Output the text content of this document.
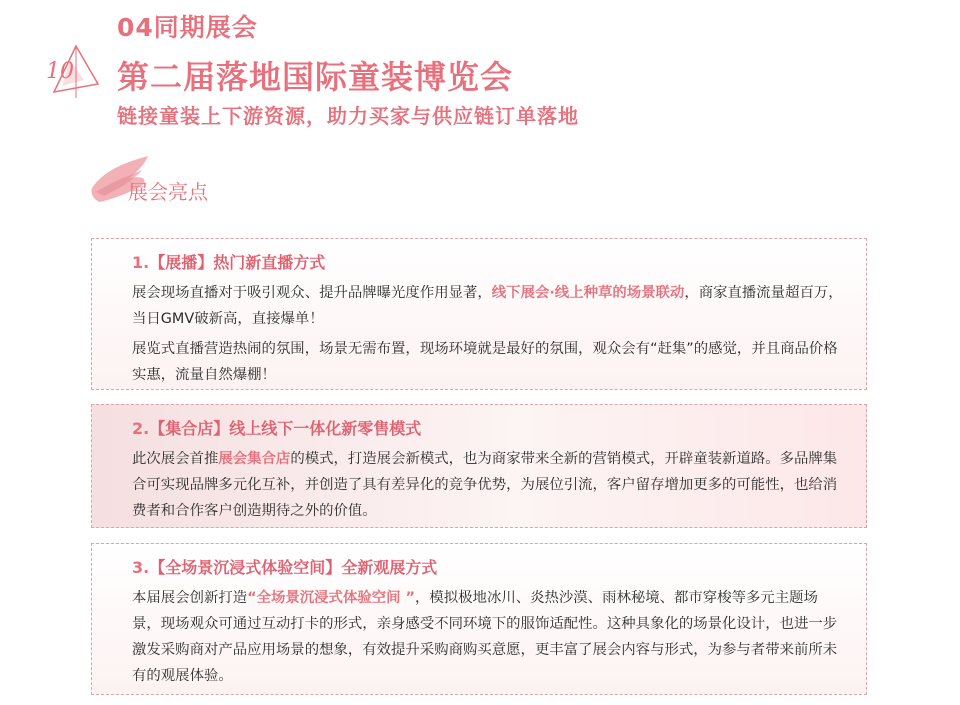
10
04同期展会
第二届落地国际童装博览会
链接童装上下游资源，助力买家与供应链订单落地
展会亮点
1.【展播】热门新直播方式

展会现场直播对于吸引观众、提升品牌曝光度作用显著，线下展会·线上种草的场景联动，商家直播流量超百万，当日GMV破新高，直接爆单！

展览式直播营造热闹的氛围，场景无需布置，现场环境就是最好的氛围，观众会有“赶集”的感觉，并且商品价格实惠，流量自然爆棚！

2.【集合店】线上线下一体化新零售模式

此次展会首推展会集合店的模式，打造展会新模式，也为商家带来全新的营销模式，开辟童装新道路。多品牌集合可实现品牌多元化互补，并创造了具有差异化的竞争优势，为展位引流，客户留存增加更多的可能性，也给消费者和合作客户创造期待之外的价值。

3.【全场景沉浸式体验空间】全新观展方式

本届展会创新打造“全场景沉浸式体验空间 ”，模拟极地冰川、炎热沙漠、雨林秘境、都市穿梭等多元主题场景，现场观众可通过互动打卡的形式，亲身感受不同环境下的服饰适配性。这种具象化的场景化设计，也进一步激发采购商对产品应用场景的想象，有效提升采购商购买意愿，更丰富了展会内容与形式，为参与者带来前所未有的观展体验。
